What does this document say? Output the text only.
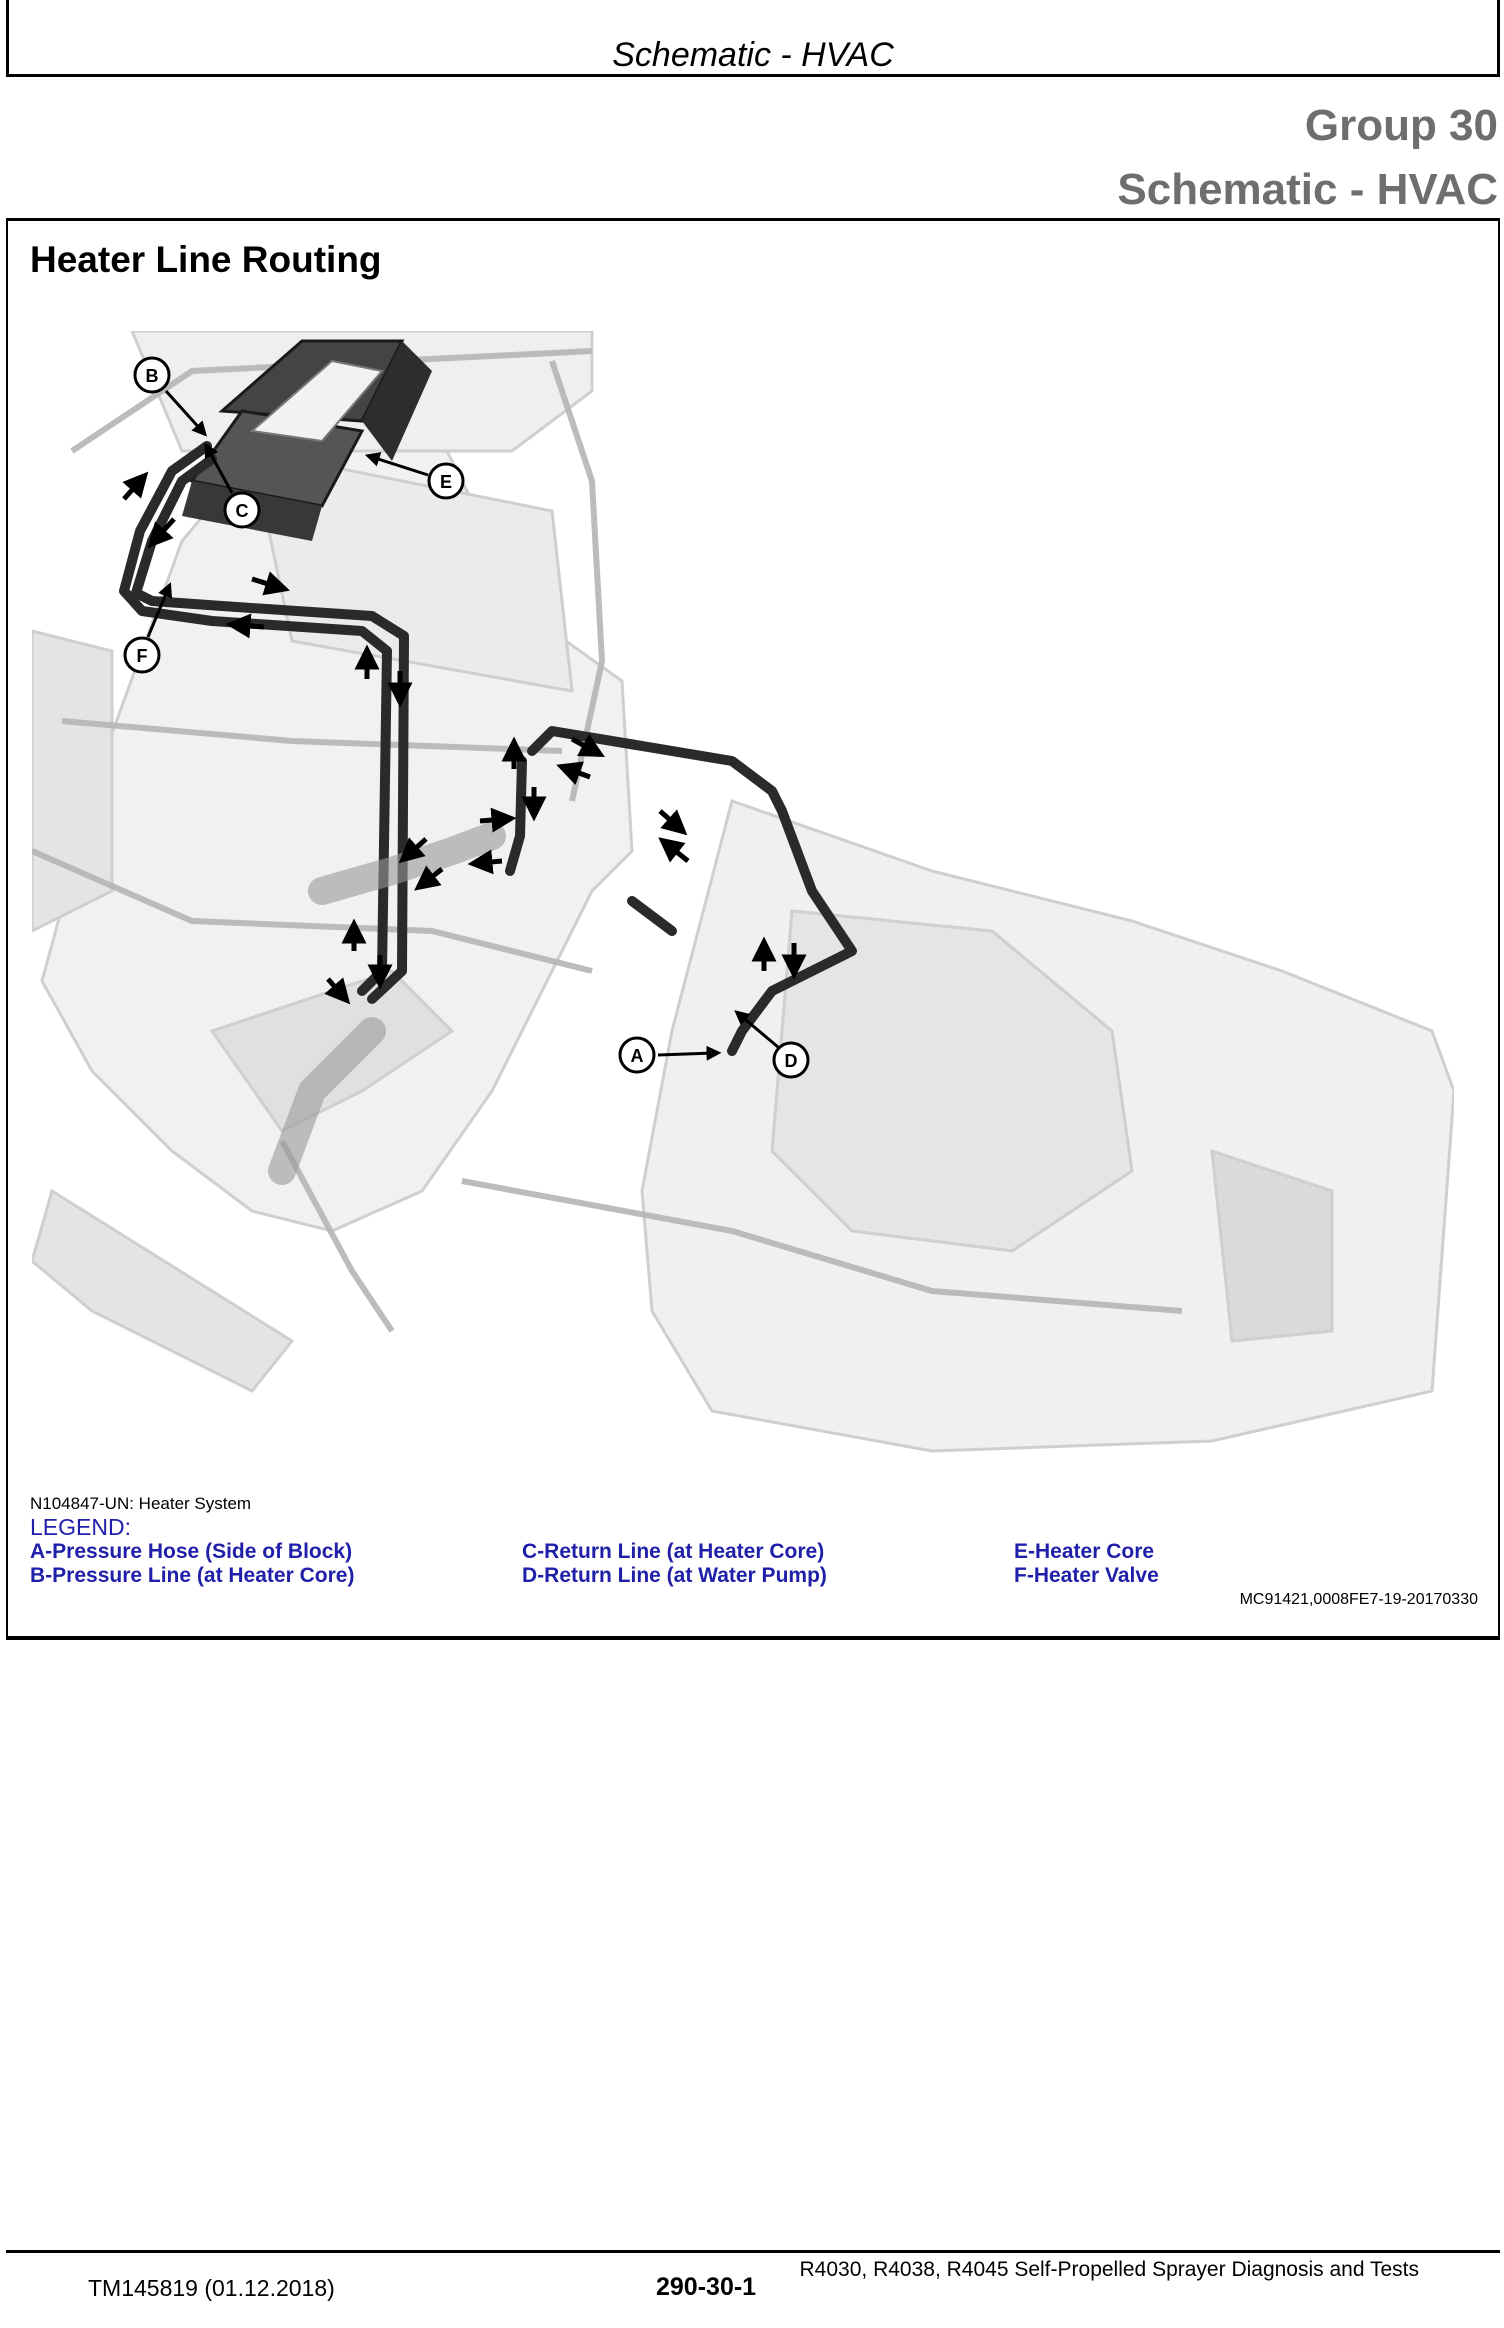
Schematic - HVAC
Group 30
Schematic - HVAC
Heater Line Routing
A
B
C
D
E
F
N104847-UN: Heater System
LEGEND:
A-Pressure Hose (Side of Block)
B-Pressure Line (at Heater Core)
C-Return Line (at Heater Core)
D-Return Line (at Water Pump)
E-Heater Core
F-Heater Valve
MC91421,0008FE7-19-20170330
TM145819 (01.12.2018)	290-30-1
R4030, R4038, R4045 Self-Propelled Sprayer Diagnosis and Tests
